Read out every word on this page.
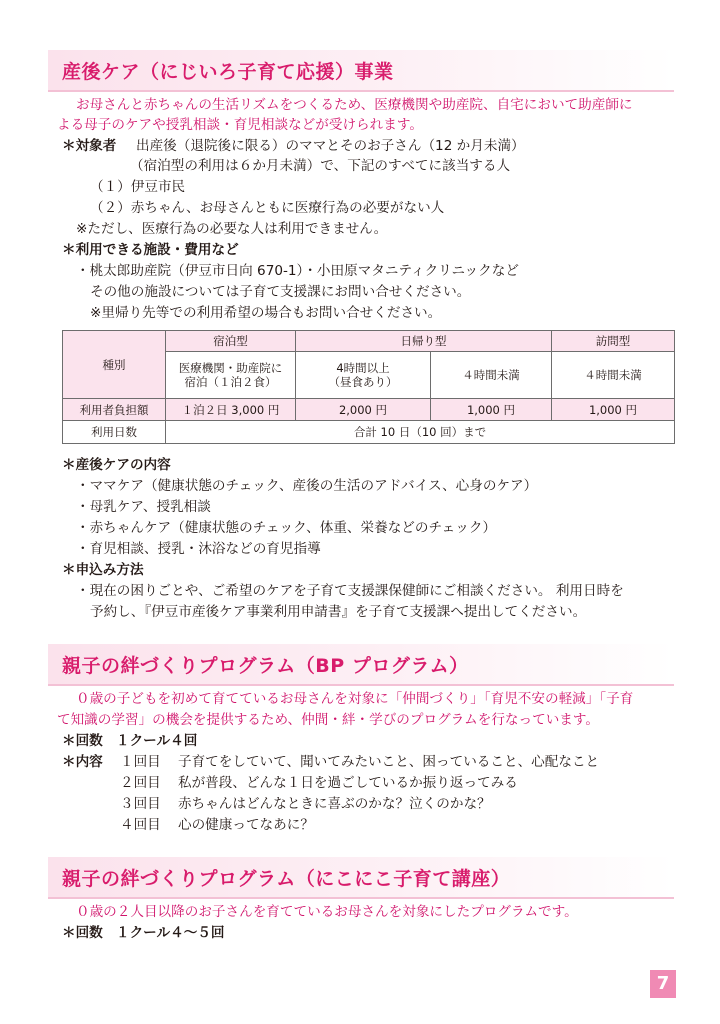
産後ケア（にじいろ子育て応援）事業
お母さんと赤ちゃんの生活リズムをつくるため、医療機関や助産院、自宅において助産師に
よる母子のケアや授乳相談・育児相談などが受けられます。
＊対象者 出産後（退院後に限る）のママとそのお子さん（12 か月未満）
（宿泊型の利用は６か月未満）で、下記のすべてに該当する人
（１）伊豆市民
（２）赤ちゃん、お母さんともに医療行為の必要がない人
※ただし、医療行為の必要な人は利用できません。
＊利用できる施設・費用など
・桃太郎助産院（伊豆市日向 670-1）・小田原マタニティクリニックなど
その他の施設については子育て支援課にお問い合せください。
※里帰り先等での利用希望の場合もお問い合せください。
種別	宿泊型	日帰り型		訪問型

	医療機関・助産院に宿泊（１泊２食）	4時間以上（昼食あり）	４時間未満	４時間未満
利用者負担額	１泊２日 3,000 円	2,000 円	1,000 円	1,000 円
利用日数	合計 10 日（10 回）まで			
＊産後ケアの内容
・ママケア（健康状態のチェック、産後の生活のアドバイス、心身のケア）
・母乳ケア、授乳相談
・赤ちゃんケア（健康状態のチェック、体重、栄養などのチェック）
・育児相談、授乳・沐浴などの育児指導
＊申込み方法
・現在の困りごとや、ご希望のケアを子育て支援課保健師にご相談ください。 利用日時を
予約し、『伊豆市産後ケア事業利用申請書』を子育て支援課へ提出してください。
親子の絆づくりプログラム（BP プログラム）
０歳の子どもを初めて育てているお母さんを対象に「仲間づくり」「育児不安の軽減」「子育
て知識の学習」の機会を提供するため、仲間・絆・学びのプログラムを行なっています。
＊回数 １クール４回
＊内容 １回目 子育てをしていて、聞いてみたいこと、困っていること、心配なこと
２回目 私が普段、どんな１日を過ごしているか振り返ってみる
３回目 赤ちゃんはどんなときに喜ぶのかな？泣くのかな？
４回目 心の健康ってなあに？
親子の絆づくりプログラム（にこにこ子育て講座）
０歳の２人目以降のお子さんを育てているお母さんを対象にしたプログラムです。
＊回数 １クール４～５回
7
